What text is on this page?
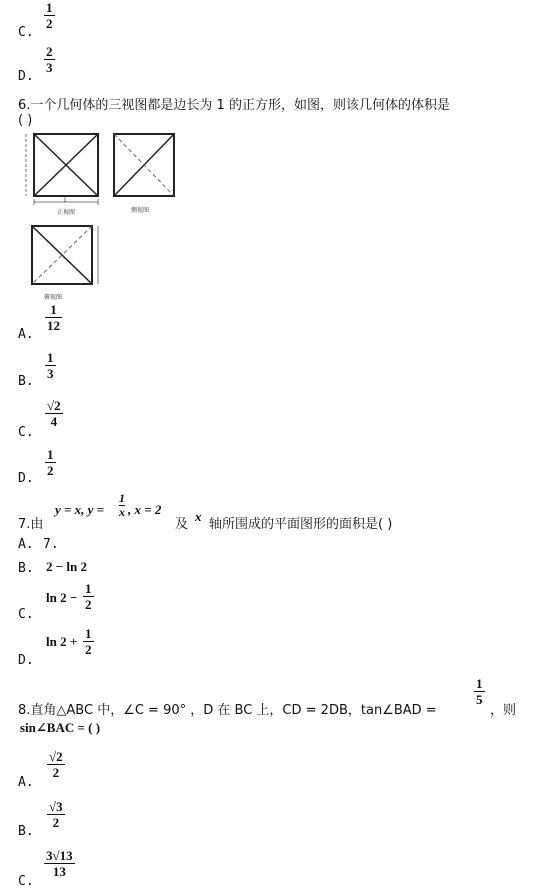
$\frac{1}{2}$
C.
$\frac{2}{3}$
D.
6.一个几何体的三视图都是边长为 1 的正方形，如图，则该几何体的体积是
( )
1
正视图	侧视图
俯视图
$\frac{1}{12}$
A.
$\frac{1}{3}$
B.
$\frac{√2}{4}$
C.
$\frac{1}{2}$
D.
7.由
y = x, $y = \frac{1}{x}$ , x = 2
及
x
轴所围成的平面图形的面积是( )
A. 7.
B. 2 − ln 2
$\ln 2 - \frac{1}{2}$
C.
$\ln 2 + \frac{1}{2}$
D.
8.直角△ABC 中，∠C = 90° ，D 在 BC 上，CD = 2DB，tan∠BAD =
$\frac{1}{5}$
，则
sin∠BAC = ( )
$\frac{√2}{2}$
A.
$\frac{√3}{2}$
B.
$\frac{3√13}{13}$
C.
